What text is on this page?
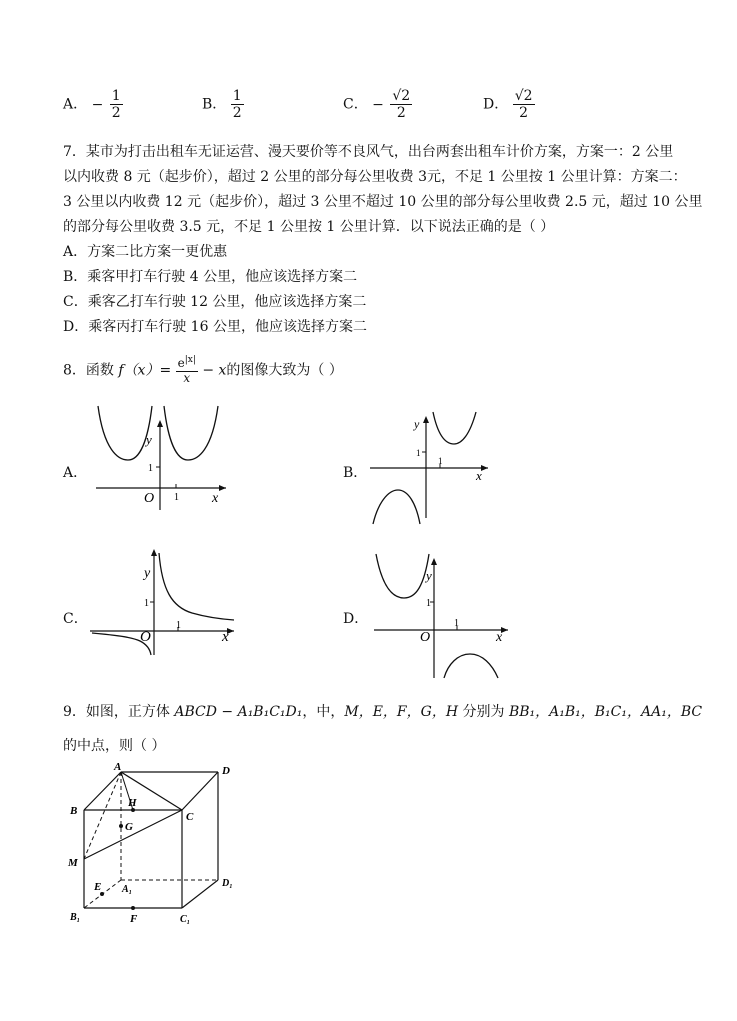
A． − $\frac{1}{2}$	B． $\frac{1}{2}$	C． − $\frac{√2}{2}$	D． $\frac{√2}{2}$
7．某市为打击出租车无证运营、漫天要价等不良风气，出台两套出租车计价方案，方案一：2 公里
以内收费 8 元（起步价），超过 2 公里的部分每公里收费 3元，不足 1 公里按 1 公里计算：方案二：
3 公里以内收费 12 元（起步价），超过 3 公里不超过 10 公里的部分每公里收费 2.5 元，超过 10 公里
的部分每公里收费 3.5 元，不足 1 公里按 1 公里计算．以下说法正确的是（ ）
A．方案二比方案一更优惠
B．乘客甲打车行驶 4 公里，他应该选择方案二
C．乘客乙打车行驶 12 公里，他应该选择方案二
D．乘客丙打车行驶 16 公里，他应该选择方案二
8．函数 $f(x)= \frac{e^{|x|}}{x} - x$的图像大致为（ ）
A．	B．
C．	D．
y
1
1
O	x
y
1
1
x
y
1
1
O	x
y
1
1
O	x
9．如图，正方体 ABCD − A₁B₁C₁D₁，中，M，E，F，G，H 分别为 BB₁，A₁B₁，B₁C₁，AA₁，BC
的中点，则（ ）
A	D
B	C
H
G
M
E A₁
D₁
B₁	F	C₁
